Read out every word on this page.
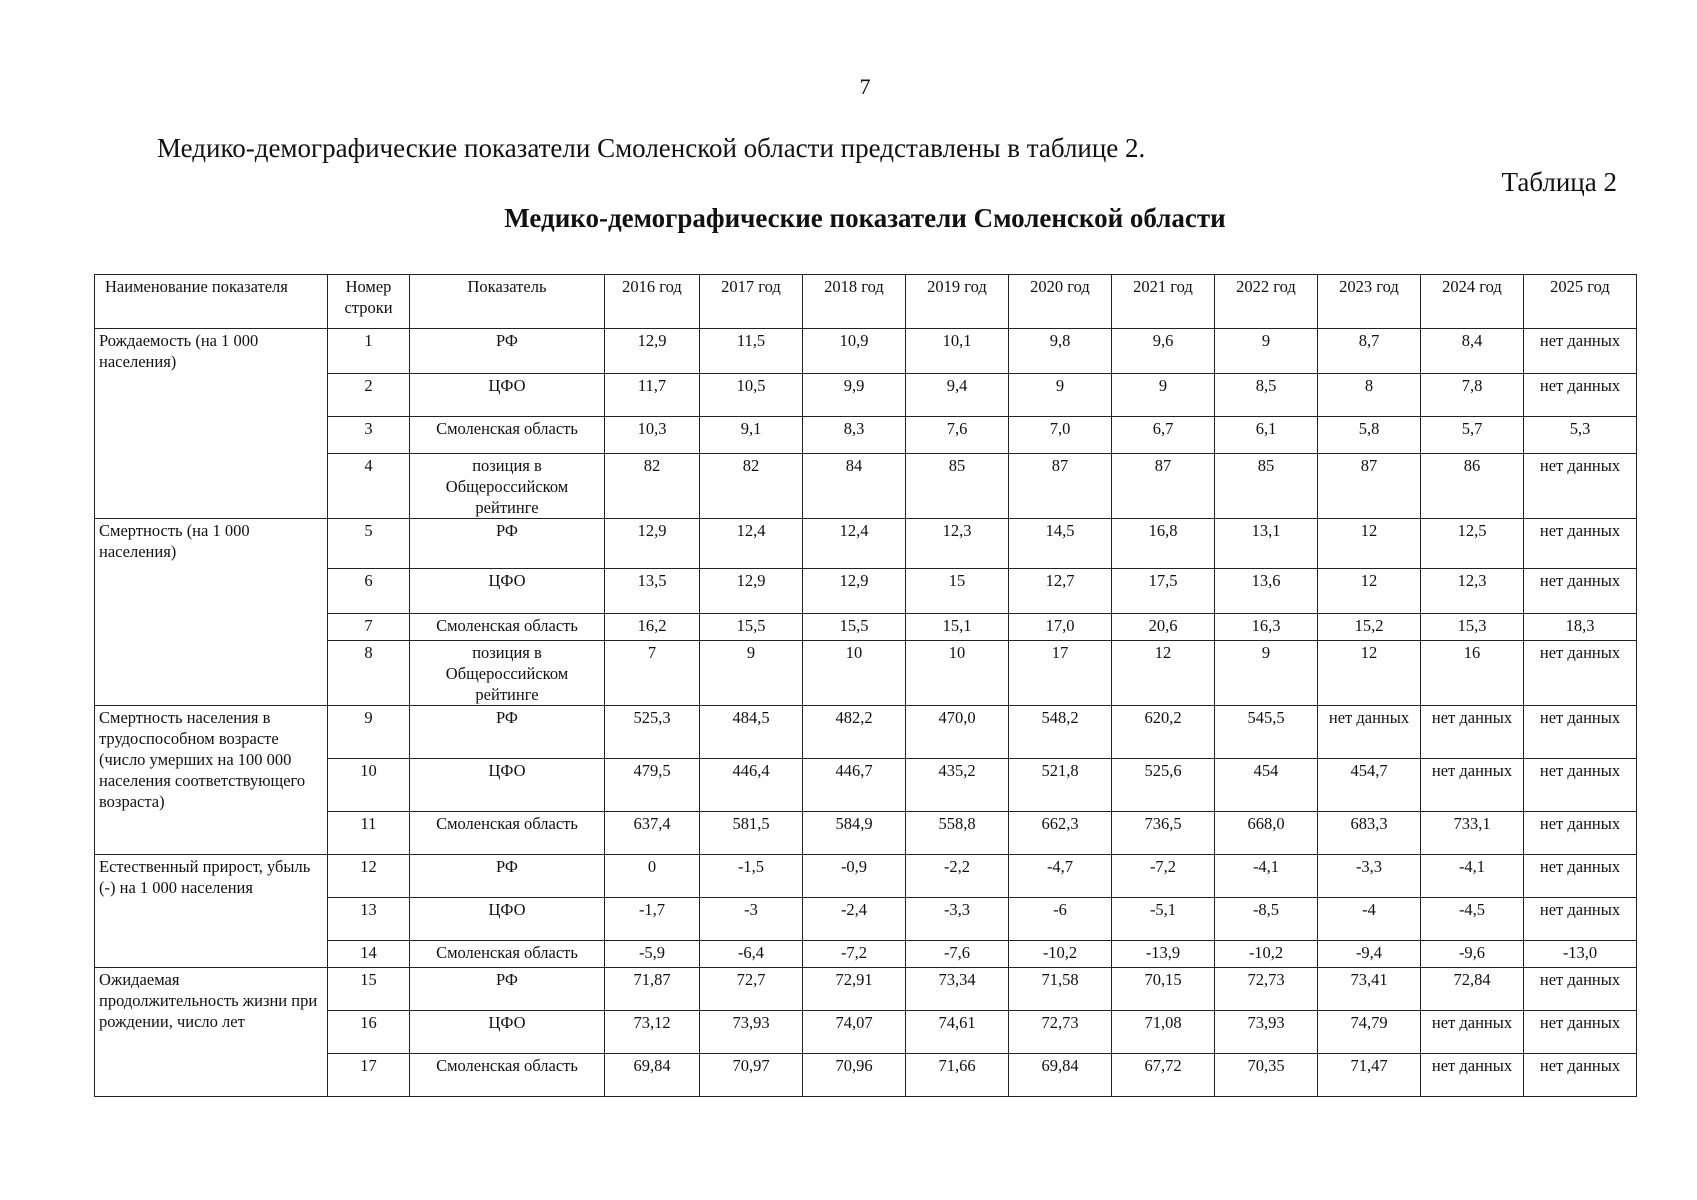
7
Медико-демографические показатели Смоленской области представлены в таблице 2.
Таблица 2
Медико-демографические показатели Смоленской области
Наименование показателя	Номер строки	Показатель	2016 год	2017 год	2018 год	2019 год	2020 год	2021 год	2022 год	2023 год	2024 год	2025 год
Рождаемость (на 1 000 населения)	1	РФ	12,9	11,5	10,9	10,1	9,8	9,6	9	8,7	8,4	нет данных
	2	ЦФО	11,7	10,5	9,9	9,4	9	9	8,5	8	7,8	нет данных
	3	Смоленская область	10,3	9,1	8,3	7,6	7,0	6,7	6,1	5,8	5,7	5,3
	4	позиция в Общероссийском рейтинге	82	82	84	85	87	87	85	87	86	нет данных
Смертность (на 1 000 населения)	5	РФ	12,9	12,4	12,4	12,3	14,5	16,8	13,1	12	12,5	нет данных
	6	ЦФО	13,5	12,9	12,9	15	12,7	17,5	13,6	12	12,3	нет данных
	7	Смоленская область	16,2	15,5	15,5	15,1	17,0	20,6	16,3	15,2	15,3	18,3
	8	позиция в Общероссийском рейтинге	7	9	10	10	17	12	9	12	16	нет данных
Смертность населения в трудоспособном возрасте (число умерших на 100 000 населения соответствующего возраста)	9	РФ	525,3	484,5	482,2	470,0	548,2	620,2	545,5	нет данных	нет данных	нет данных
	10	ЦФО	479,5	446,4	446,7	435,2	521,8	525,6	454	454,7	нет данных	нет данных
	11	Смоленская область	637,4	581,5	584,9	558,8	662,3	736,5	668,0	683,3	733,1	нет данных
Естественный прирост, убыль (-) на 1 000 населения	12	РФ	0	-1,5	-0,9	-2,2	-4,7	-7,2	-4,1	-3,3	-4,1	нет данных
	13	ЦФО	-1,7	-3	-2,4	-3,3	-6	-5,1	-8,5	-4	-4,5	нет данных
	14	Смоленская область	-5,9	-6,4	-7,2	-7,6	-10,2	-13,9	-10,2	-9,4	-9,6	-13,0
Ожидаемая продолжительность жизни при рождении, число лет	15	РФ	71,87	72,7	72,91	73,34	71,58	70,15	72,73	73,41	72,84	нет данных
	16	ЦФО	73,12	73,93	74,07	74,61	72,73	71,08	73,93	74,79	нет данных	нет данных
	17	Смоленская область	69,84	70,97	70,96	71,66	69,84	67,72	70,35	71,47	нет данных	нет данных
